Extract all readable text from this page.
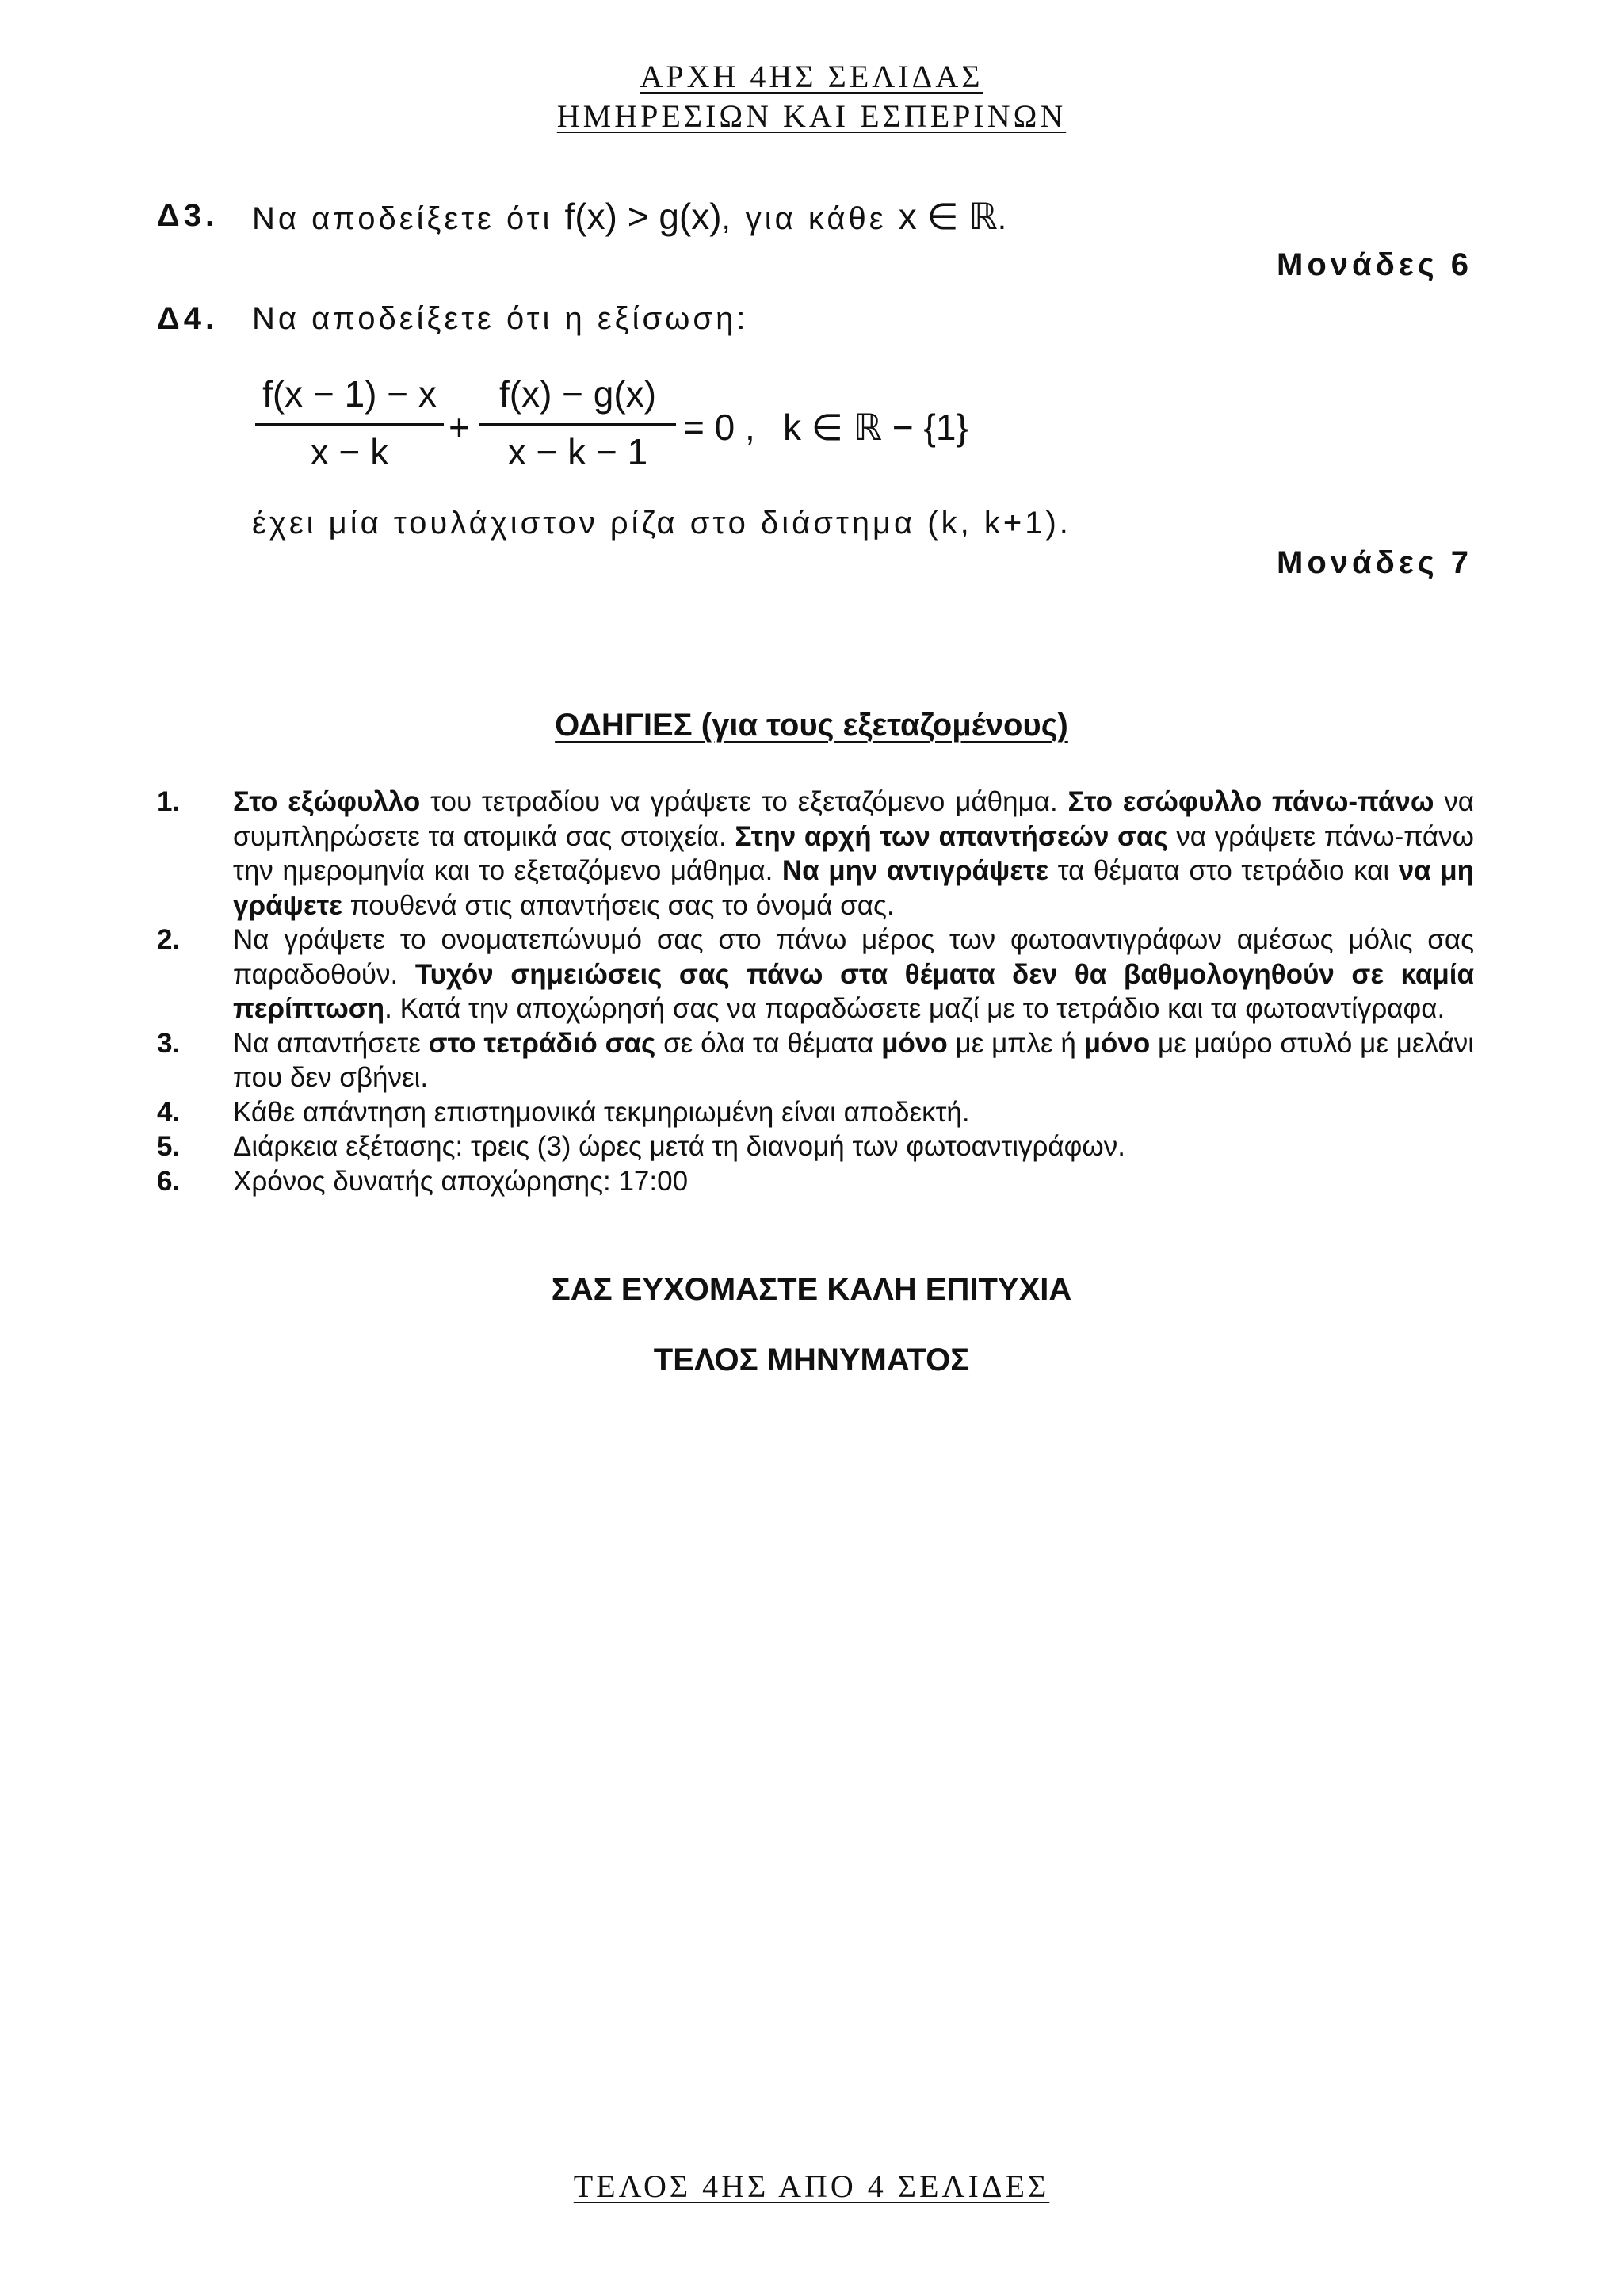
ΑΡΧΗ 4ΗΣ ΣΕΛΙΔΑΣ
ΗΜΗΡΕΣΙΩΝ ΚΑΙ ΕΣΠΕΡΙΝΩΝ
Δ3. Να αποδείξετε ότι f(x) > g(x), για κάθε x ∈ ℝ.
Μονάδες 6
Δ4. Να αποδείξετε ότι η εξίσωση:
f(x − 1) − x
x − k
+
f(x) − g(x)
x − k − 1
= 0 , k ∈ ℝ − {1}
έχει μία τουλάχιστον ρίζα στο διάστημα (k, k+1).
Μονάδες 7
ΟΔΗΓΙΕΣ (για τους εξεταζομένους)
1.	Στο εξώφυλλο του τετραδίου να γράψετε το εξεταζόμενο μάθημα. Στο εσώφυλλο πάνω-πάνω να συμπληρώσετε τα ατομικά σας στοιχεία. Στην αρχή των απαντήσεών σας να γράψετε πάνω-πάνω την ημερομηνία και το εξεταζόμενο μάθημα. Να μην αντιγράψετε τα θέματα στο τετράδιο και να μη γράψετε πουθενά στις απαντήσεις σας το όνομά σας.
2.	Να γράψετε το ονοματεπώνυμό σας στο πάνω μέρος των φωτοαντιγράφων αμέσως μόλις σας παραδοθούν. Τυχόν σημειώσεις σας πάνω στα θέματα δεν θα βαθμολογηθούν σε καμία περίπτωση. Κατά την αποχώρησή σας να παραδώσετε μαζί με το τετράδιο και τα φωτοαντίγραφα.
3.	Να απαντήσετε στο τετράδιό σας σε όλα τα θέματα μόνο με μπλε ή μόνο με μαύρο στυλό με μελάνι που δεν σβήνει.
4.	Κάθε απάντηση επιστημονικά τεκμηριωμένη είναι αποδεκτή.
5.	Διάρκεια εξέτασης: τρεις (3) ώρες μετά τη διανομή των φωτοαντιγράφων.
6.	Χρόνος δυνατής αποχώρησης: 17:00
ΣΑΣ ΕΥΧΟΜΑΣΤΕ ΚΑΛΗ ΕΠΙΤΥΧΙΑ
ΤΕΛΟΣ ΜΗΝΥΜΑΤΟΣ
ΤΕΛΟΣ 4ΗΣ ΑΠΟ 4 ΣΕΛΙΔΕΣ
